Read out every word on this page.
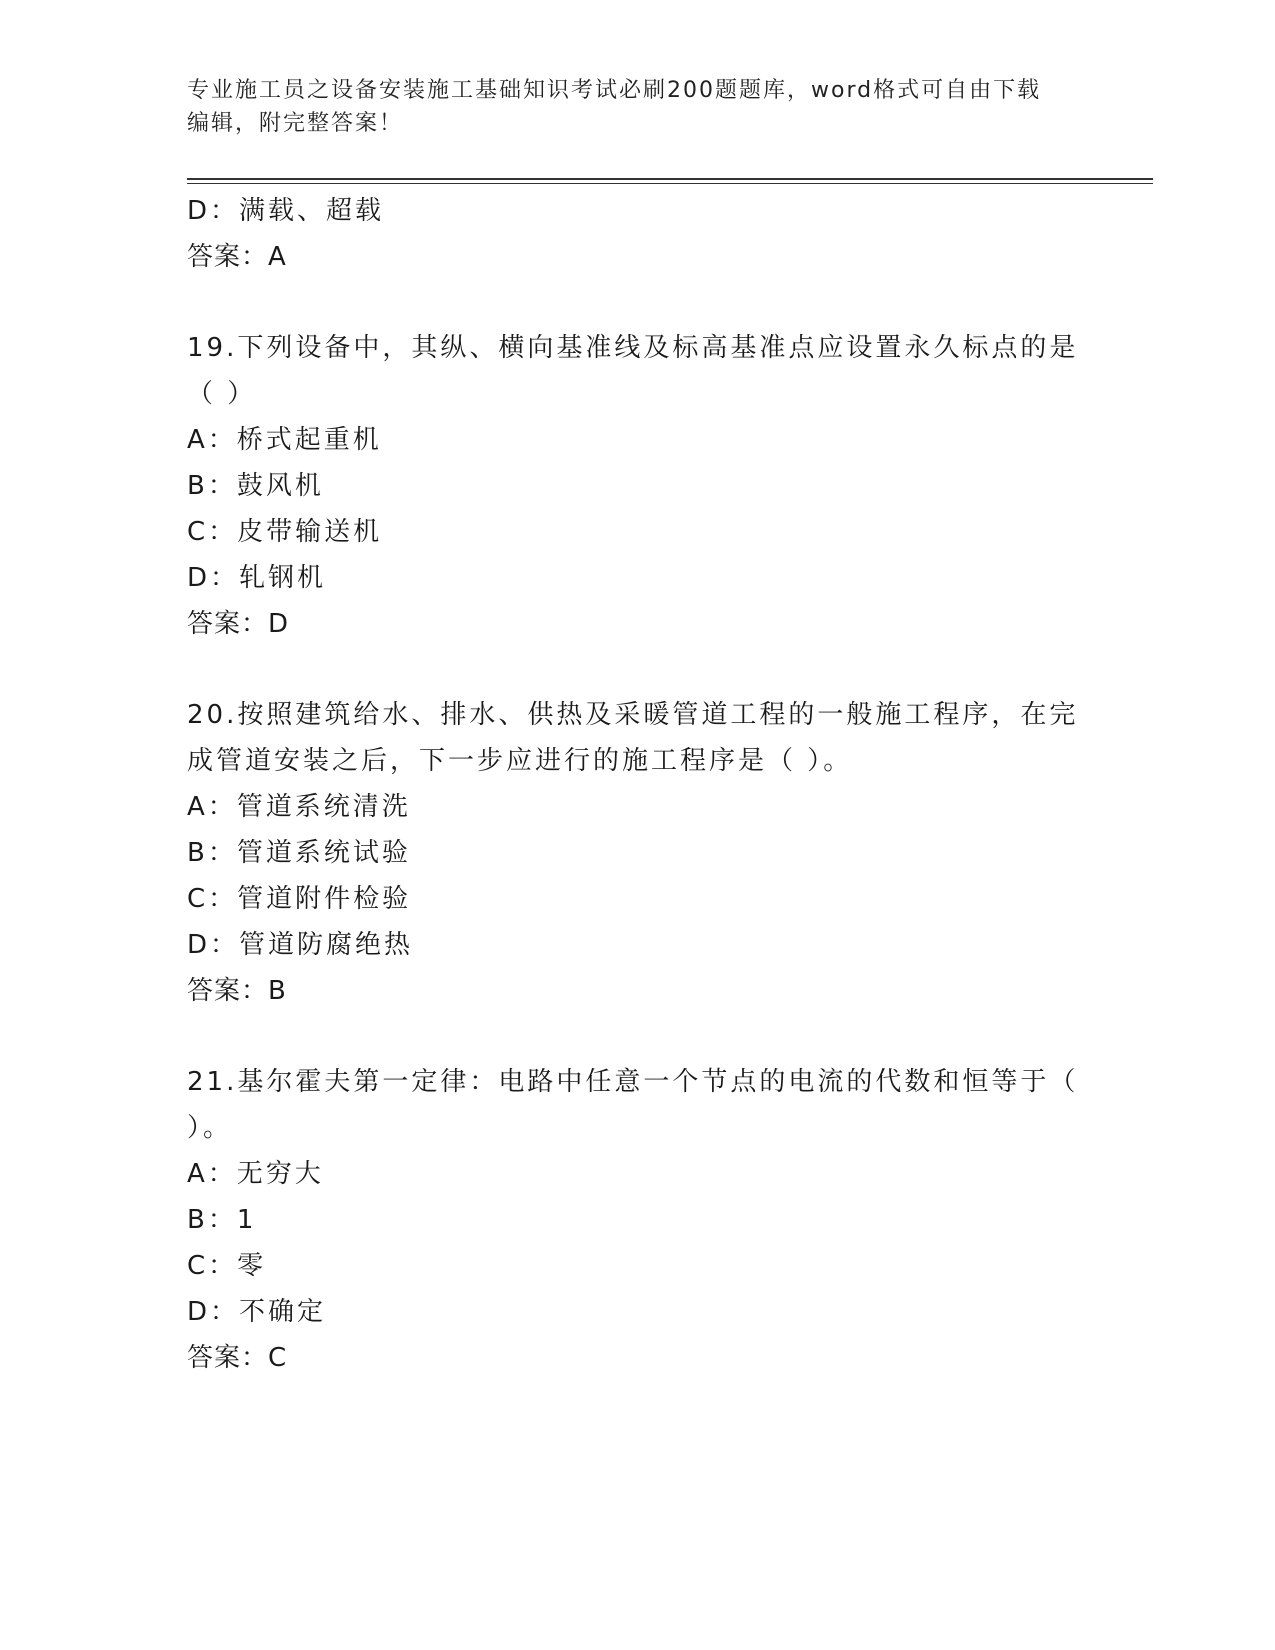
专业施工员之设备安装施工基础知识考试必刷200题题库，word格式可自由下载
编辑，附完整答案！
D：满载、超载
答案：A
19.下列设备中，其纵、横向基准线及标高基准点应设置永久标点的是
（ ）
A：桥式起重机
B：鼓风机
C：皮带输送机
D：轧钢机
答案：D
20.按照建筑给水、排水、供热及采暖管道工程的一般施工程序，在完
成管道安装之后，下一步应进行的施工程序是（ ）。
A：管道系统清洗
B：管道系统试验
C：管道附件检验
D：管道防腐绝热
答案：B
21.基尔霍夫第一定律：电路中任意一个节点的电流的代数和恒等于（
）。
A：无穷大
B：1
C：零
D：不确定
答案：C
